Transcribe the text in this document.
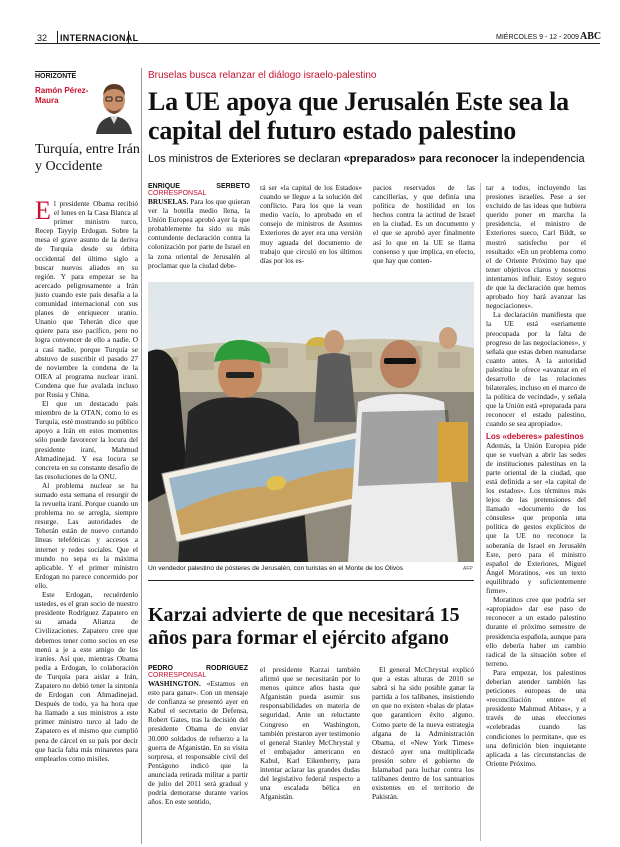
32 INTERNACIONAL	MIÉRCOLES 9 - 12 - 2009 ABC
HORIZONTE
Ramón Pérez-Maura
Turquía, entre Irán y Occidente

El presidente Obama recibió el lunes en la Casa Blanca al primer ministro turco, Recep Tayyip Erdogan. Sobre la mesa el grave asunto de la deriva de Turquía desde su órbita occidental del último siglo a buscar nuevos aliados en su región. Y para empezar se ha acercado peligrosamente a Irán justo cuando este país desafía a la comunidad internacional con sus planes de enriquecer uranio. Unanio que Teherán dice que quiere para uso pacífico, pero no logra convencer de ello a nadie. O a casi nadie, porque Turquía se abstuvo de suscribir el pasado 27 de noviembre la condena de la OIEA al programa nuclear iraní. Condena que fue avalada incluso por Rusia y China.

El que un destacado país miembro de la OTAN, como lo es Turquía, esté mostrando su público apoyo a Irán en estos momentos sólo puede favorecer la locura del presidente iraní, Mahmud Ahmadinejad. Y esa locura se concreta en su constante desafío de las resoluciones de la ONU.

Al problema nuclear se ha sumado esta semana el resurgir de la revuelta iraní. Porque cuando un problema no se arregla, siempre resurge. Las autoridades de Teherán están de nuevo cortando líneas telefónicas y accesos a internet y redes sociales. Que el mundo no sepa es la máxima aplicable. Y el primer ministro Erdogan no parece concernido por ello.

Este Erdogan, recuérdenlo ustedes, es el gran socio de nuestro presidente Rodríguez Zapatero en su amada Alianza de Civilizaciones. Zapatero cree que debemos tener como socios en ese menú a je a este amigo de los iraníes. Así que, mientras Obama pedía a Erdogan, lo colaboración de Turquía para aislar a Irán, Zapatero no debió tener la sintonía de Erdogan con Ahmadinejad. Después de todo, ya ha hora que ha llamado a sus ministros a este primer ministro turco al lado de Zapatero es el mismo que cumplió pena de cárcel en su país por decir que hacía falta más minaretes para emplearlos como misiles.

Bruselas busca relanzar el diálogo israelo-palestino
La UE apoya que Jerusalén Este sea la capital del futuro estado palestino
Los ministros de Exteriores se declaran «preparados» para reconocer la independencia

ENRIQUE SERBETO CORRESPONSAL

BRUSELAS. Para los que quieran ver la botella medio llena, la Unión Europea aprobó ayer la que probablemente ha sido su más contundente declaración contra la colonización por parte de Israel en la zona oriental de Jerusalén al proclamar que la ciudad debe-

rá ser «la capital de los Estados» cuando se llegue a la solución del conflicto. Para los que la vean medio vacío, lo aprobado en el consejo de ministros de Asuntos Exteriores de ayer era una versión muy aguada del documento de trabajo que circuló en los últimos días por los es-

pacios reservados de las cancillerías, y que definía una política de hostilidad en los hechos contra la actitud de Israel en la ciudad. Es un documento y el que se aprobó ayer finalmente así lo que en la UE se llama consenso y que implica, en efecto, que hay que conten-

tar a todos, incluyendo las presiones israelíes. Pese a ser excluido de las ideas que hubiera querido poner en marcha la presidencia, el ministro de Exteriores sueco, Carl Bildt, se mostró satisfecho por el resultado: «En un problema como el de Oriente Próximo hay que tener objetivos claros y nosotros intentamos influir. Estoy seguro de que la declaración que hemos aprobado hoy hará avanzar las negociaciones».

La declaración manifiesta que la UE está «seriamente preocupada por la falta de progreso de las negociaciones», y señala que estas deben reanudarse cuanto antes. A la autoridad palestina le ofrece «avanzar en el desarrollo de las relaciones bilaterales, incluso en el marco de la política de vecindad», y señala que la Unión está «preparada para reconocer el estado palestino, cuando se sea apropiado».

Los «deberes» palestinos

Además, la Unión Europea pide que se vuelvan a abrir las sedes de instituciones palestinas en la parte oriental de la ciudad, que está definida a ser «la capital de los estados». Los términos más lejos de las pretensiones del llamado «documento de los cónsules» que proponía una política de gestos explícitos de que la UE no reconoce la soberanía de Israel en Jerusalén Este, pero para el ministro español de Exteriores, Miguel Ángel Moratinos, «es un texto equilibrado y suficientemente firme».

Moratinos cree que podría ser «apropiado» dar ese paso de reconocer a un estado palestino durante el próximo semestre de presidencia española, aunque para ello debería haber un cambio radical de la situación sobre el terreno.

Para empezar, los palestinos deberían atender también las peticiones europeas de una «reconciliación entre» el presidente Mahmud Abbas», y a través de unas elecciones «celebradas cuando las condiciones lo permitan», que es una definición bien inquietante aplicada a las circunstancias de Oriente Próximo.

Un vendedor palestino de pósteres de Jerusalén, con turistas en el Monte de los Olivos	AFP
Karzai advierte de que necesitará 15 años para formar el ejército afgano

PEDRO RODRÍGUEZ CORRESPONSAL

WASHINGTON. «Estamos en esto para ganar». Con un mensaje de confianza se presentó ayer en Kabul el secretario de Defensa, Robert Gates, tras la decisión del presidente Obama de enviar 30.000 soldados de refuerzo a la guerra de Afganistán. En su visita sorpresa, el responsable civil del Pentágono indicó que la anunciada retirada militar a partir de julio del 2011 será gradual y podría demorarse durante varios años. En este sentido,

el presidente Karzai también afirmó que se necesitarán por lo menos quince años hasta que Afganistán pueda asumir sus responsabilidades en materia de seguridad. Ante un reluctante Congreso en Washington, también prestaron ayer testimonio el general Stanley McChrystal y el embajador americano en Kabul, Karl Eikenberry, para intentar aclarar las grandes dudas del legislativo federal respecto a una escalada bélica en Afganistán.

El general McChrystal explicó que a estas alturas de 2010 se sabrá si ha sido posible ganar la partida a los talibanes, insistiendo en que no existen «balas de plata» que garanticen éxito alguno. Como parte de la nueva estrategia afgana de la Administración Obama, el «New York Times» destacó ayer una multiplicada presión sobre el gobierno de Islamabad para luchar contra los talibanes dentro de los santuarios existentes en el territorio de Pakistán.
